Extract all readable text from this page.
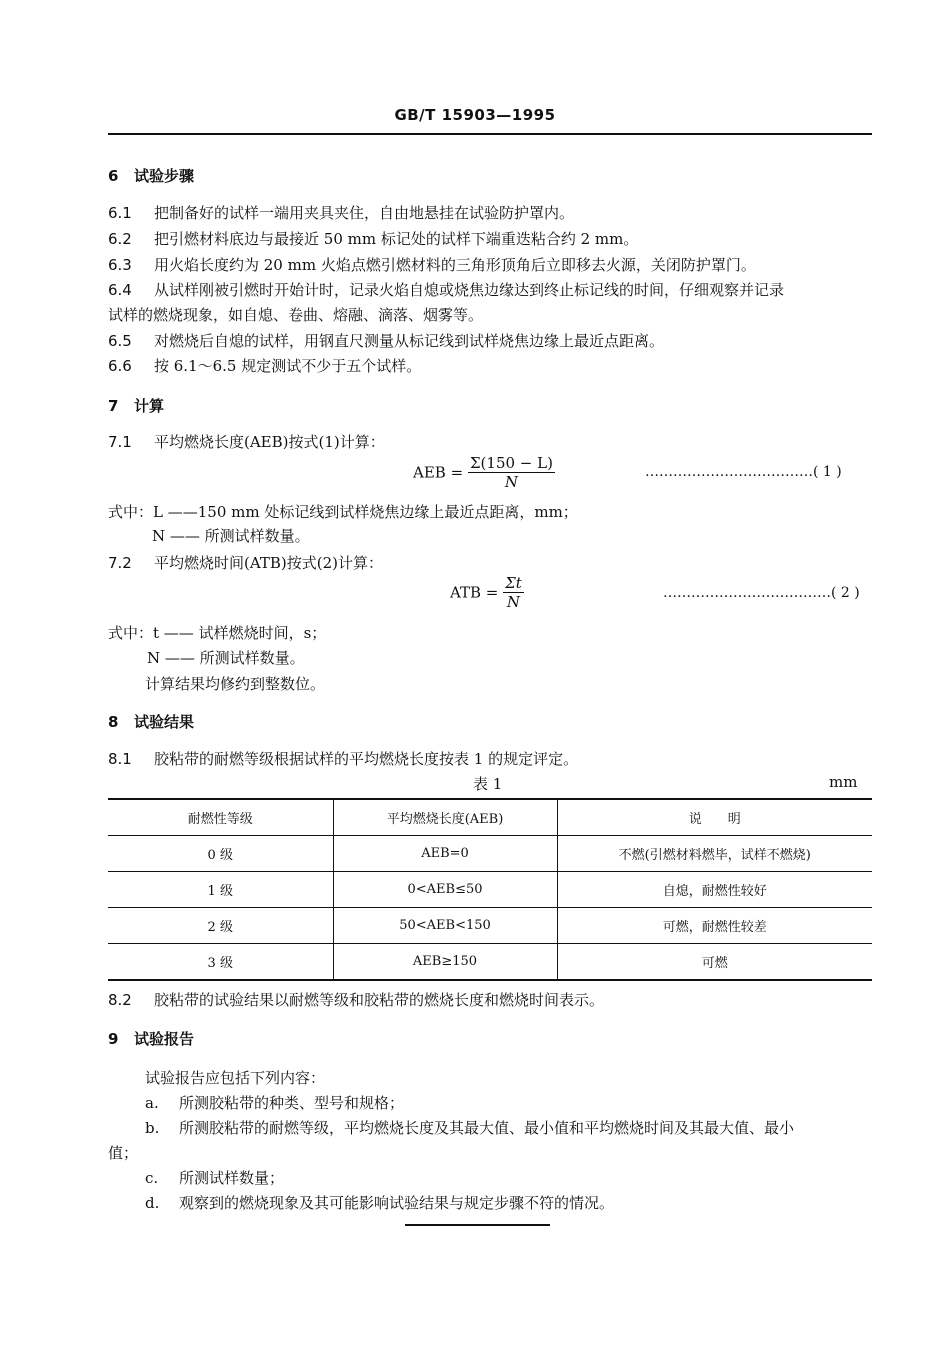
GB/T 15903—1995
6 试验步骤
6.1 把制备好的试样一端用夹具夹住，自由地悬挂在试验防护罩内。
6.2 把引燃材料底边与最接近 50 mm 标记处的试样下端重迭粘合约 2 mm。
6.3 用火焰长度约为 20 mm 火焰点燃引燃材料的三角形顶角后立即移去火源，关闭防护罩门。
6.4 从试样刚被引燃时开始计时，记录火焰自熄或烧焦边缘达到终止标记线的时间，仔细观察并记录
试样的燃烧现象，如自熄、卷曲、熔融、滴落、烟雾等。
6.5 对燃烧后自熄的试样，用钢直尺测量从标记线到试样烧焦边缘上最近点距离。
6.6 按 6.1～6.5 规定测试不少于五个试样。
7 计算
7.1 平均燃烧长度(AEB)按式(1)计算：
AEB = $\frac{\Sigma(150 - L)}{N}$	………………………………( 1 )
式中：L ——150 mm 处标记线到试样烧焦边缘上最近点距离，mm；
N —— 所测试样数量。
7.2 平均燃烧时间(ATB)按式(2)计算：
ATB = $\frac{\Sigma t}{N}$	………………………………( 2 )
式中：t —— 试样燃烧时间，s；
N —— 所测试样数量。
计算结果均修约到整数位。
8 试验结果
8.1 胶粘带的耐燃等级根据试样的平均燃烧长度按表 1 的规定评定。
表 1	mm
耐燃性等级	平均燃烧长度(AEB)	说　　明
0 级	AEB=0	不燃(引燃材料燃毕，试样不燃烧)
1 级	0<AEB≤50	自熄，耐燃性较好
2 级	50<AEB<150	可燃，耐燃性较差
3 级	AEB≥150	可燃
8.2 胶粘带的试验结果以耐燃等级和胶粘带的燃烧长度和燃烧时间表示。
9 试验报告
试验报告应包括下列内容：
a. 所测胶粘带的种类、型号和规格；
b. 所测胶粘带的耐燃等级，平均燃烧长度及其最大值、最小值和平均燃烧时间及其最大值、最小
值；
c. 所测试样数量；
d. 观察到的燃烧现象及其可能影响试验结果与规定步骤不符的情况。
